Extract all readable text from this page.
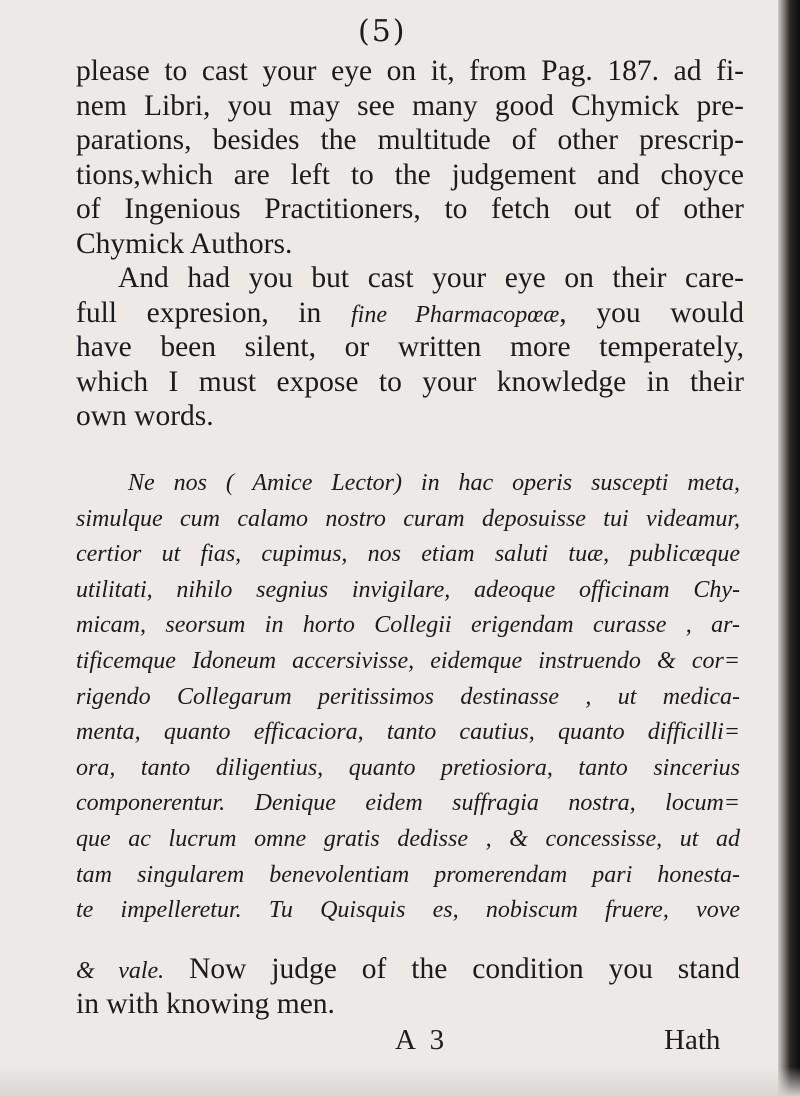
(5)
please to cast your eye on it, from Pag. 187. ad fi-
nem Libri, you may see many good Chymick pre-
parations, besides the multitude of other prescrip-
tions,which are left to the judgement and choyce
of Ingenious Practitioners, to fetch out of other
Chymick Authors.
And had you but cast your eye on their care-
full expresion, in fine Pharmacopœæ, you would
have been silent, or written more temperately,
which I must expose to your knowledge in their
own words.
Ne nos ( Amice Lector) in hac operis suscepti meta,
simulque cum calamo nostro curam deposuisse tui videamur,
certior ut fias, cupimus, nos etiam saluti tuæ, publicæque
utilitati, nihilo segnius invigilare, adeoque officinam Chy-
micam, seorsum in horto Collegii erigendam curasse , ar-
tificemque Idoneum accersivisse, eidemque instruendo & cor=
rigendo Collegarum peritissimos destinasse , ut medica-
menta, quanto efficaciora, tanto cautius, quanto difficilli=
ora, tanto diligentius, quanto pretiosiora, tanto sincerius
componerentur. Denique eidem suffragia nostra, locum=
que ac lucrum omne gratis dedisse , & concessisse, ut ad
tam singularem benevolentiam promerendam pari honesta-
te impelleretur. Tu Quisquis es, nobiscum fruere, vove
& vale. Now judge of the condition you stand
in with knowing men.
A 3	Hath
